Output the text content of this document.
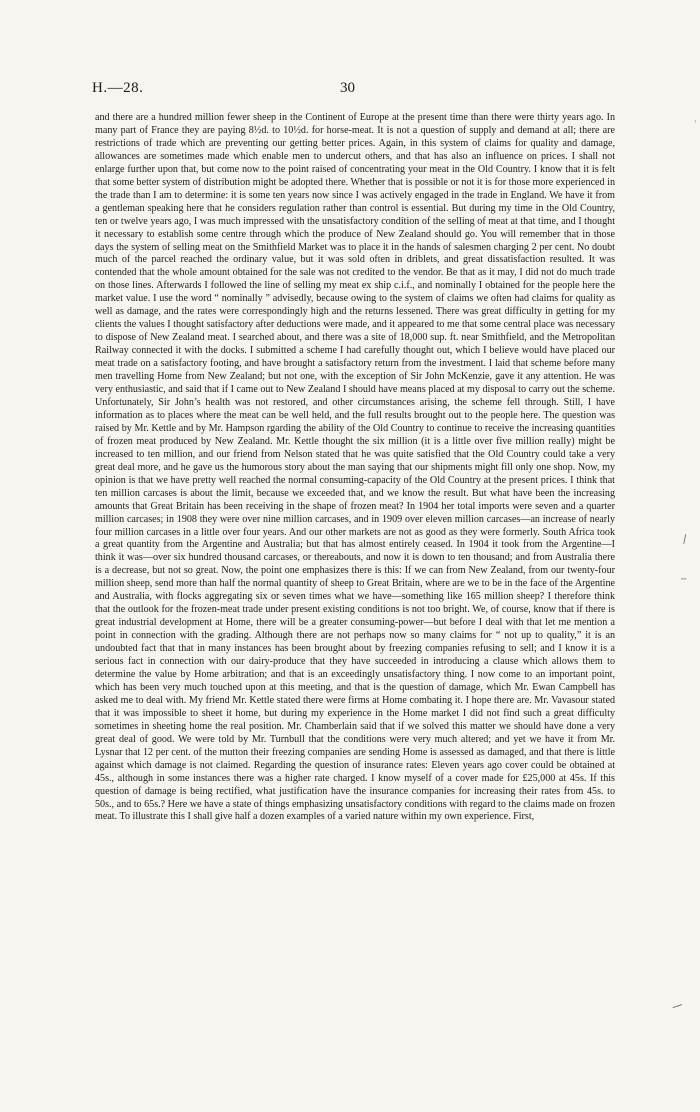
H.—28.	30

and there are a hundred million fewer sheep in the Continent of Europe at the present time than there were thirty years ago. In many part of France they are paying 8½d. to 10½d. for horse-meat. It is not a question of supply and demand at all; there are restrictions of trade which are preventing our getting better prices. Again, in this system of claims for quality and damage, allowances are sometimes made which enable men to undercut others, and that has also an influence on prices. I shall not enlarge further upon that, but come now to the point raised of concentrating your meat in the Old Country. I know that it is felt that some better system of distribution might be adopted there. Whether that is possible or not it is for those more experienced in the trade than I am to determine: it is some ten years now since I was actively engaged in the trade in England. We have it from a gentleman speaking here that he considers regulation rather than control is essential. But during my time in the Old Country, ten or twelve years ago, I was much impressed with the unsatisfactory condition of the selling of meat at that time, and I thought it necessary to establish some centre through which the produce of New Zealand should go. You will remember that in those days the system of selling meat on the Smithfield Market was to place it in the hands of salesmen charging 2 per cent. No doubt much of the parcel reached the ordinary value, but it was sold often in driblets, and great dissatisfaction resulted. It was contended that the whole amount obtained for the sale was not credited to the vendor. Be that as it may, I did not do much trade on those lines. Afterwards I followed the line of selling my meat ex ship c.i.f., and nominally I obtained for the people here the market value. I use the word “ nominally ” advisedly, because owing to the system of claims we often had claims for quality as well as damage, and the rates were correspondingly high and the returns lessened. There was great difficulty in getting for my clients the values I thought satisfactory after deductions were made, and it appeared to me that some central place was necessary to dispose of New Zealand meat. I searched about, and there was a site of 18,000 sup. ft. near Smithfield, and the Metropolitan Railway connected it with the docks. I submitted a scheme I had carefully thought out, which I believe would have placed our meat trade on a satisfactory footing, and have brought a satisfactory return from the investment. I laid that scheme before many men travelling Home from New Zealand; but not one, with the exception of Sir John McKenzie, gave it any attention. He was very enthusiastic, and said that if I came out to New Zealand I should have means placed at my disposal to carry out the scheme. Unfortunately, Sir John’s health was not restored, and other circumstances arising, the scheme fell through. Still, I have information as to places where the meat can be well held, and the full results brought out to the people here. The question was raised by Mr. Kettle and by Mr. Hampson rgarding the ability of the Old Country to continue to receive the increasing quantities of frozen meat produced by New Zealand. Mr. Kettle thought the six million (it is a little over five million really) might be increased to ten million, and our friend from Nelson stated that he was quite satisfied that the Old Country could take a very great deal more, and he gave us the humorous story about the man saying that our shipments might fill only one shop. Now, my opinion is that we have pretty well reached the normal consuming-capacity of the Old Country at the present prices. I think that ten million carcases is about the limit, because we exceeded that, and we know the result. But what have been the increasing amounts that Great Britain has been receiving in the shape of frozen meat? In 1904 her total imports were seven and a quarter million carcases; in 1908 they were over nine million carcases, and in 1909 over eleven million carcases—an increase of nearly four million carcases in a little over four years. And our other markets are not as good as they were formerly. South Africa took a great quantity from the Argentine and Australia; but that has almost entirely ceased. In 1904 it took from the Argentine—I think it was—over six hundred thousand carcases, or thereabouts, and now it is down to ten thousand; and from Australia there is a decrease, but not so great. Now, the point one emphasizes there is this: If we can from New Zealand, from our twenty-four million sheep, send more than half the normal quantity of sheep to Great Britain, where are we to be in the face of the Argentine and Australia, with flocks aggregating six or seven times what we have—something like 165 million sheep? I therefore think that the outlook for the frozen-meat trade under present existing conditions is not too bright. We, of course, know that if there is great industrial development at Home, there will be a greater consuming-power—but before I deal with that let me mention a point in connection with the grading. Although there are not perhaps now so many claims for “ not up to quality,” it is an undoubted fact that that in many instances has been brought about by freezing companies refusing to sell; and I know it is a serious fact in connection with our dairy-produce that they have succeeded in introducing a clause which allows them to determine the value by Home arbitration; and that is an exceedingly unsatisfactory thing. I now come to an important point, which has been very much touched upon at this meeting, and that is the question of damage, which Mr. Ewan Campbell has asked me to deal with. My friend Mr. Kettle stated there were firms at Home combating it. I hope there are. Mr. Vavasour stated that it was impossible to sheet it home, but during my experience in the Home market I did not find such a great difficulty sometimes in sheeting home the real position. Mr. Chamberlain said that if we solved this matter we should have done a very great deal of good. We were told by Mr. Turnbull that the conditions were very much altered; and yet we have it from Mr. Lysnar that 12 per cent. of the mutton their freezing companies are sending Home is assessed as damaged, and that there is little against which damage is not claimed. Regarding the question of insurance rates: Eleven years ago cover could be obtained at 45s., although in some instances there was a higher rate charged. I know myself of a cover made for £25,000 at 45s. If this question of damage is being rectified, what justification have the insurance companies for increasing their rates from 45s. to 50s., and to 65s.? Here we have a state of things emphasizing unsatisfactory conditions with regard to the claims made on frozen meat. To illustrate this I shall give half a dozen examples of a varied nature within my own experience. First,

⁄
╌
⁄
ˈ
